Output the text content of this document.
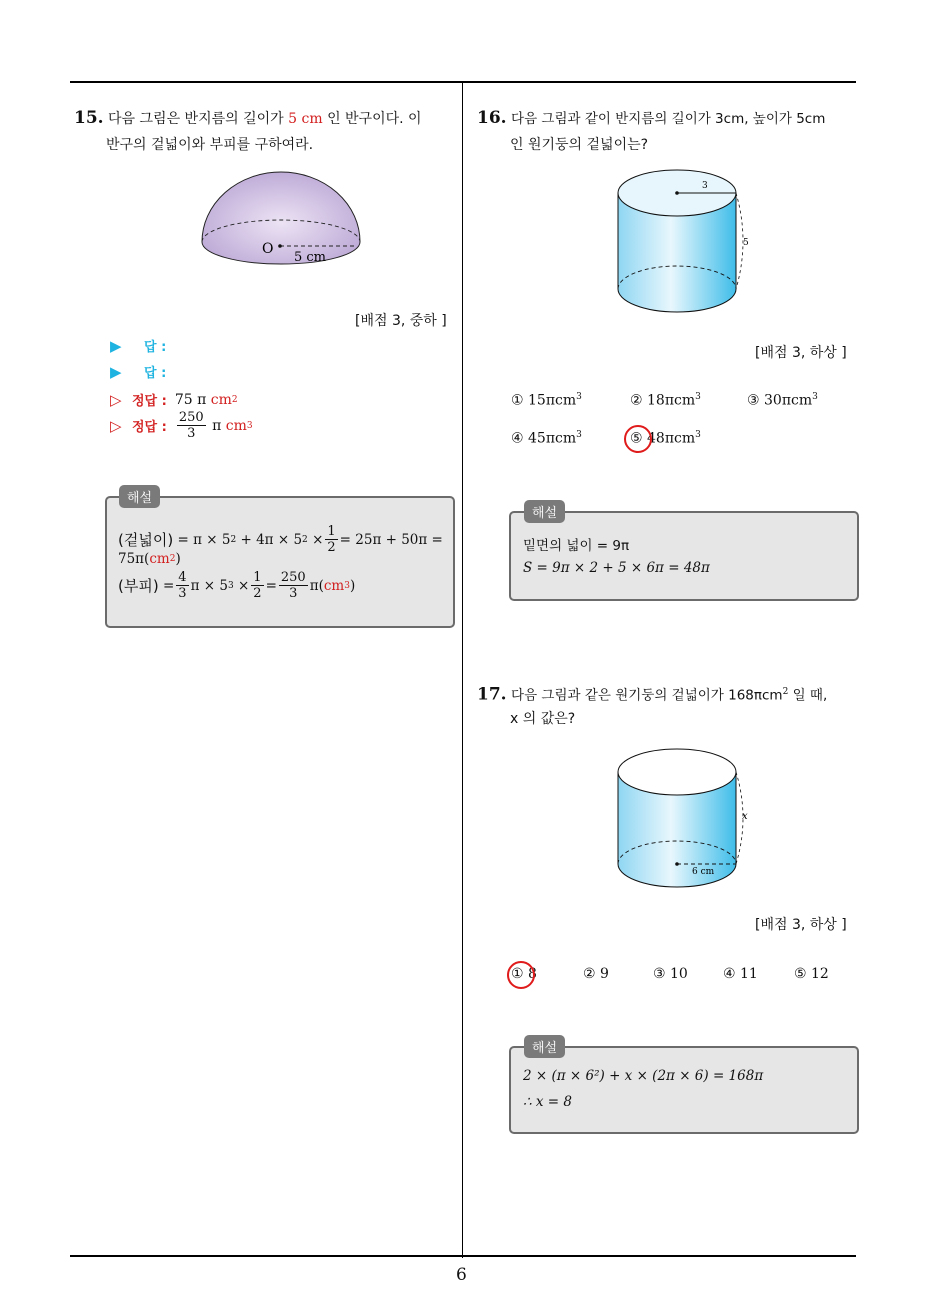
6
15. 다음 그림은 반지름의 길이가 5 cm 인 반구이다. 이
반구의 겉넓이와 부피를 구하여라.
O
5 cm
[배점 3, 중하 ]
▶	답 :
▶	답 :
▷ 정답 : 75 π
cm 2
▷ 정답 : $\frac{250}{3}$
π
cm 3
해설
(겉넓이)
= π × 5 2
+ 4π × 5 2
× $\frac{1}{2} = 25\pi + 50\pi$ =
75π( cm 2 )
(부피)
= $\frac{4}{3}$ π × 5 3
× $\frac{1}{2} = \frac{250}{3} \pi$( cm 3 )
16. 다음 그림과 같이 반지름의 길이가 3cm, 높이가 5cm
인 원기둥의 겉넓이는?
3
5
[배점 3, 하상 ]
① 15πcm$^3$	② 18πcm$^3$	③ 30πcm$^3$
④ 45πcm$^3$	⑤ 48πcm$^3$
해설
밑면의 넓이 = 9π
S = 9π × 2 + 5 × 6π = 48π
17. 다음 그림과 같은 원기둥의 겉넓이가 168πcm$^2$ 일 때,
x 의 값은?
6 cm
x
[배점 3, 하상 ]
① 8	② 9	③ 10	④ 11	⑤ 12
해설
2 × (π × 6²) + x × (2π × 6) = 168π
∴ x = 8
